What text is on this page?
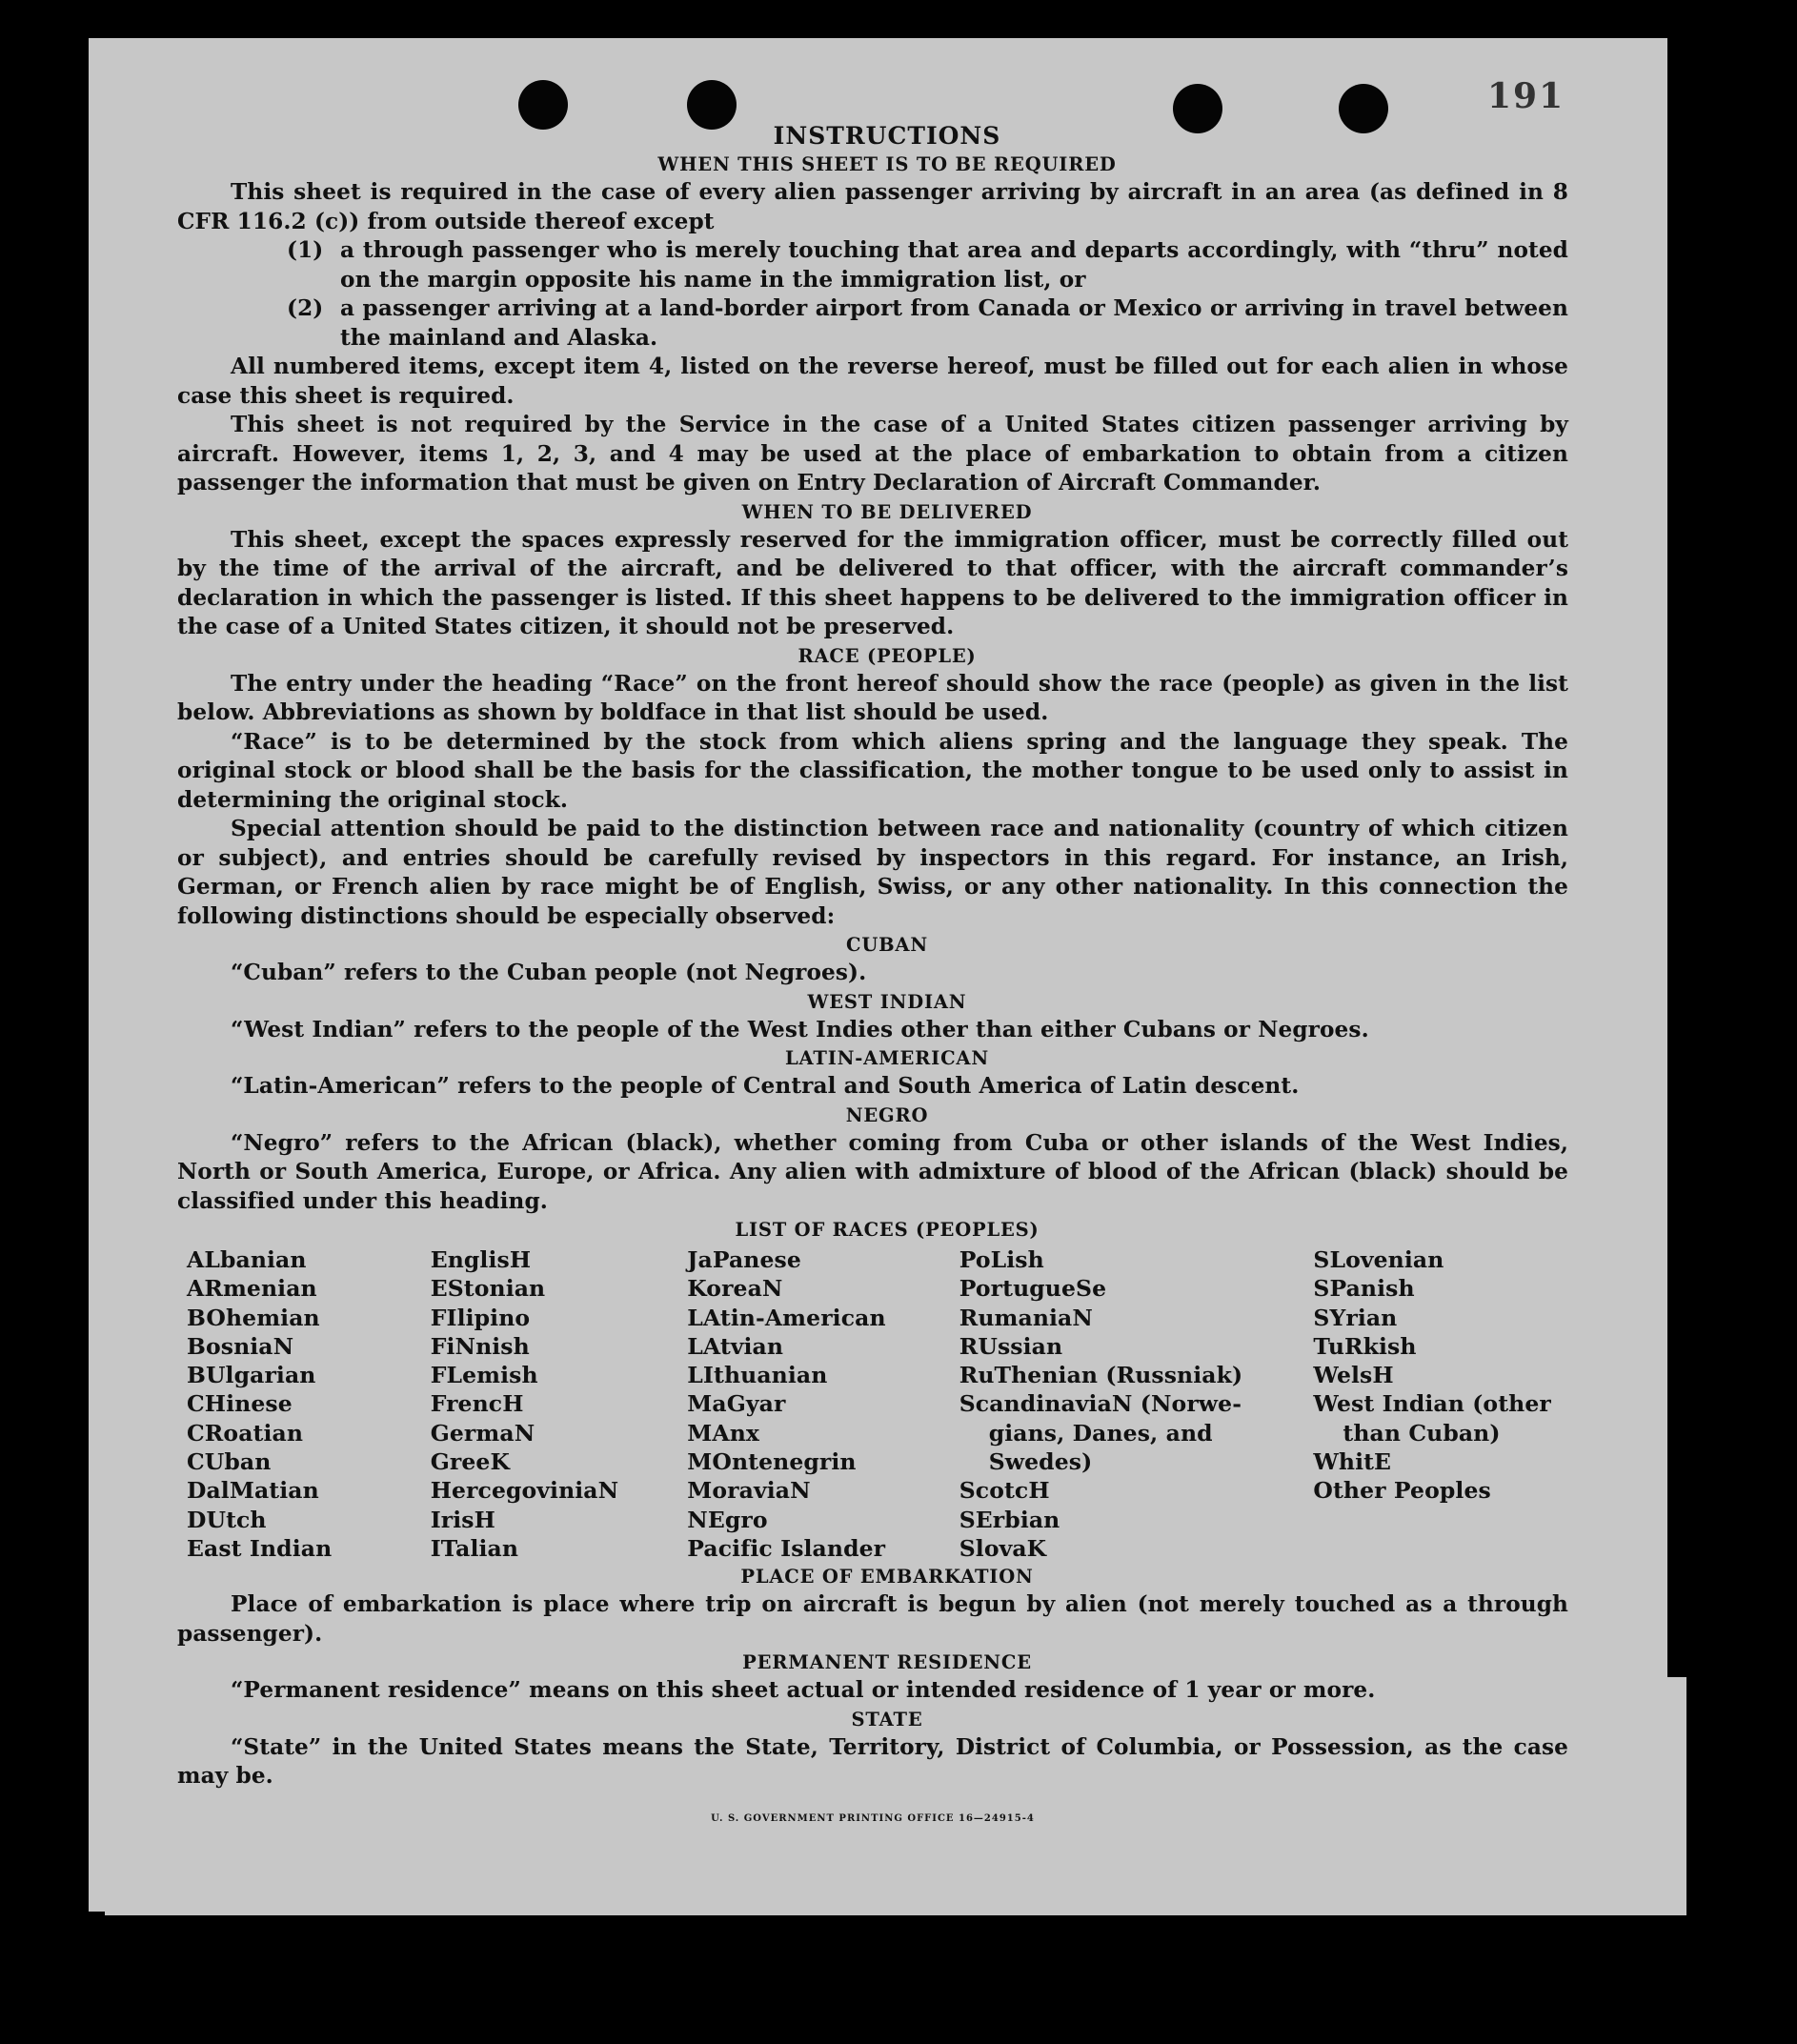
191
INSTRUCTIONS
WHEN THIS SHEET IS TO BE REQUIRED

This sheet is required in the case of every alien passenger arriving by aircraft in an area (as defined in 8 CFR 116.2 (c)) from outside thereof except

(1) a through passenger who is merely touching that area and departs accordingly, with “thru” noted on the margin opposite his name in the immigration list, or
(2) a passenger arriving at a land-border airport from Canada or Mexico or arriving in travel between the mainland and Alaska.

All numbered items, except item 4, listed on the reverse hereof, must be filled out for each alien in whose case this sheet is required.

This sheet is not required by the Service in the case of a United States citizen passenger arriving by aircraft. However, items 1, 2, 3, and 4 may be used at the place of embarkation to obtain from a citizen passenger the information that must be given on Entry Declaration of Aircraft Commander.

WHEN TO BE DELIVERED

This sheet, except the spaces expressly reserved for the immigration officer, must be correctly filled out by the time of the arrival of the aircraft, and be delivered to that officer, with the aircraft commander’s declaration in which the passenger is listed. If this sheet happens to be delivered to the immigration officer in the case of a United States citizen, it should not be preserved.

RACE (PEOPLE)

The entry under the heading “Race” on the front hereof should show the race (people) as given in the list below. Abbreviations as shown by boldface in that list should be used.

“Race” is to be determined by the stock from which aliens spring and the language they speak. The original stock or blood shall be the basis for the classification, the mother tongue to be used only to assist in determining the original stock.

Special attention should be paid to the distinction between race and nationality (country of which citizen or subject), and entries should be carefully revised by inspectors in this regard. For instance, an Irish, German, or French alien by race might be of English, Swiss, or any other nationality. In this connection the following distinctions should be especially observed:

CUBAN

“Cuban” refers to the Cuban people (not Negroes).

WEST INDIAN

“West Indian” refers to the people of the West Indies other than either Cubans or Negroes.

LATIN-AMERICAN

“Latin-American” refers to the people of Central and South America of Latin descent.

NEGRO

“Negro” refers to the African (black), whether coming from Cuba or other islands of the West Indies, North or South America, Europe, or Africa. Any alien with admixture of blood of the African (black) should be classified under this heading.

LIST OF RACES (PEOPLES)
ALbanian
ARmenian
BOhemian
BosniaN
BUlgarian
CHinese
CRoatian
CUban
DalMatian
DUtch
East Indian
EnglisH
EStonian
FIlipino
FiNnish
FLemish
FrencH
GermaN
GreeK
HercegoviniaN
IrisH
ITalian
JaPanese
KoreaN
LAtin-American
LAtvian
LIthuanian
MaGyar
MAnx
MOntenegrin
MoraviaN
NEgro
Pacific Islander
PoLish
PortugueSe
RumaniaN
RUssian
RuThenian (Russniak)
ScandinaviaN (Norwe-
gians, Danes, and
Swedes)
ScotcH
SErbian
SlovaK
SLovenian
SPanish
SYrian
TuRkish
WelsH
West Indian (other
than Cuban)
WhitE
Other Peoples
PLACE OF EMBARKATION

Place of embarkation is place where trip on aircraft is begun by alien (not merely touched as a through passenger).

PERMANENT RESIDENCE

“Permanent residence” means on this sheet actual or intended residence of 1 year or more.

STATE

“State” in the United States means the State, Territory, District of Columbia, or Possession, as the case may be.

U. S. GOVERNMENT PRINTING OFFICE 16—24915-4
